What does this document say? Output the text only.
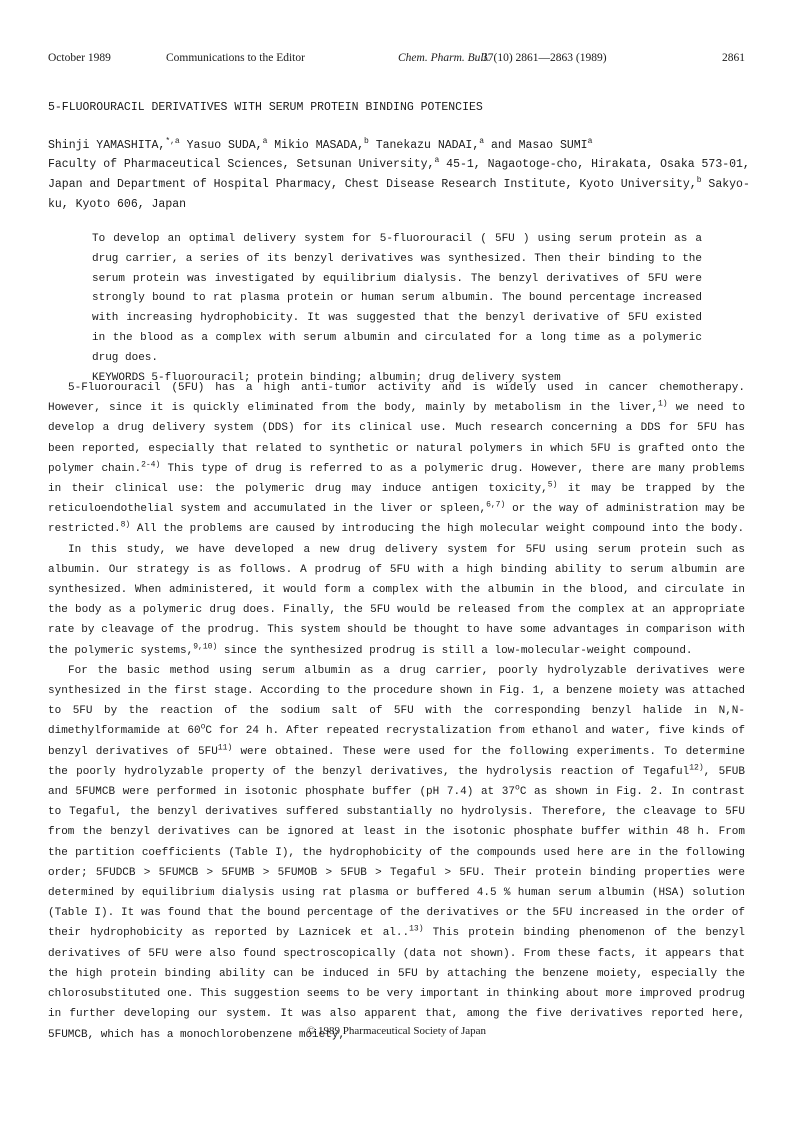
October 1989	Communications to the Editor	Chem. Pharm. Bull.
37(10) 2861—2863 (1989)	2861
5-FLUOROURACIL DERIVATIVES WITH SERUM PROTEIN BINDING POTENCIES
Shinji YAMASHITA,$^{*,a}$ Yasuo SUDA,$^a$ Mikio MASADA,$^b$ Tanekazu NADAI,$^a$ and Masao SUMI$^a$
Faculty of Pharmaceutical Sciences, Setsunan University,$^a$ 45-1, Nagaotoge-cho, Hirakata, Osaka 573-01, Japan and Department of Hospital Pharmacy, Chest Disease Research Institute, Kyoto University,$^b$ Sakyo-ku, Kyoto 606, Japan

To develop an optimal delivery system for 5-fluorouracil ( 5FU ) using serum protein as a drug carrier, a series of its benzyl derivatives was synthesized. Then their binding to the serum protein was investigated by equilibrium dialysis. The benzyl derivatives of 5FU were strongly bound to rat plasma protein or human serum albumin. The bound percentage increased with increasing hydrophobicity. It was suggested that the benzyl derivative of 5FU existed in the blood as a complex with serum albumin and circulated for a long time as a polymeric drug does.

KEYWORDS 5-fluorouracil; protein binding; albumin; drug delivery system

5-Fluorouracil (5FU) has a high anti-tumor activity and is widely used in cancer chemotherapy. However, since it is quickly eliminated from the body, mainly by metabolism in the liver,$^{1)}$ we need to develop a drug delivery system (DDS) for its clinical use. Much research concerning a DDS for 5FU has been reported, especially that related to synthetic or natural polymers in which 5FU is grafted onto the polymer chain.$^{2-4)}$ This type of drug is referred to as a polymeric drug. However, there are many problems in their clinical use: the polymeric drug may induce antigen toxicity,$^{5)}$ it may be trapped by the reticuloendothelial system and accumulated in the liver or spleen,$^{6,7)}$ or the way of administration may be restricted.$^{8)}$ All the problems are caused by introducing the high molecular weight compound into the body.

In this study, we have developed a new drug delivery system for 5FU using serum protein such as albumin. Our strategy is as follows. A prodrug of 5FU with a high binding ability to serum albumin are synthesized. When administered, it would form a complex with the albumin in the blood, and circulate in the body as a polymeric drug does. Finally, the 5FU would be released from the complex at an appropriate rate by cleavage of the prodrug. This system should be thought to have some advantages in comparison with the polymeric systems,$^{9,10)}$ since the synthesized prodrug is still a low-molecular-weight compound.

For the basic method using serum albumin as a drug carrier, poorly hydrolyzable derivatives were synthesized in the first stage. According to the procedure shown in Fig. 1, a benzene moiety was attached to 5FU by the reaction of the sodium salt of 5FU with the corresponding benzyl halide in N,N-dimethylformamide at 60$^o$C for 24 h. After repeated recrystalization from ethanol and water, five kinds of benzyl derivatives of 5FU$^{11)}$ were obtained. These were used for the following experiments. To determine the poorly hydrolyzable property of the benzyl derivatives, the hydrolysis reaction of Tegaful$^{12)}$, 5FUB and 5FUMCB were performed in isotonic phosphate buffer (pH 7.4) at 37$^o$C as shown in Fig. 2. In contrast to Tegaful, the benzyl derivatives suffered substantially no hydrolysis. Therefore, the cleavage to 5FU from the benzyl derivatives can be ignored at least in the isotonic phosphate buffer within 48 h. From the partition coefficients (Table I), the hydrophobicity of the compounds used here are in the following order; 5FUDCB > 5FUMCB > 5FUMB > 5FUMOB > 5FUB > Tegaful > 5FU. Their protein binding properties were determined by equilibrium dialysis using rat plasma or buffered 4.5 % human serum albumin (HSA) solution (Table I). It was found that the bound percentage of the derivatives or the 5FU increased in the order of their hydrophobicity as reported by Laznicek et al..$^{13)}$ This protein binding phenomenon of the benzyl derivatives of 5FU were also found spectroscopically (data not shown). From these facts, it appears that the high protein binding ability can be induced in 5FU by attaching the benzene moiety, especially the chlorosubstituted one. This suggestion seems to be very important in thinking about more improved prodrug in further developing our system. It was also apparent that, among the five derivatives reported here, 5FUMCB, which has a monochlorobenzene moiety,

© 1989 Pharmaceutical Society of Japan
